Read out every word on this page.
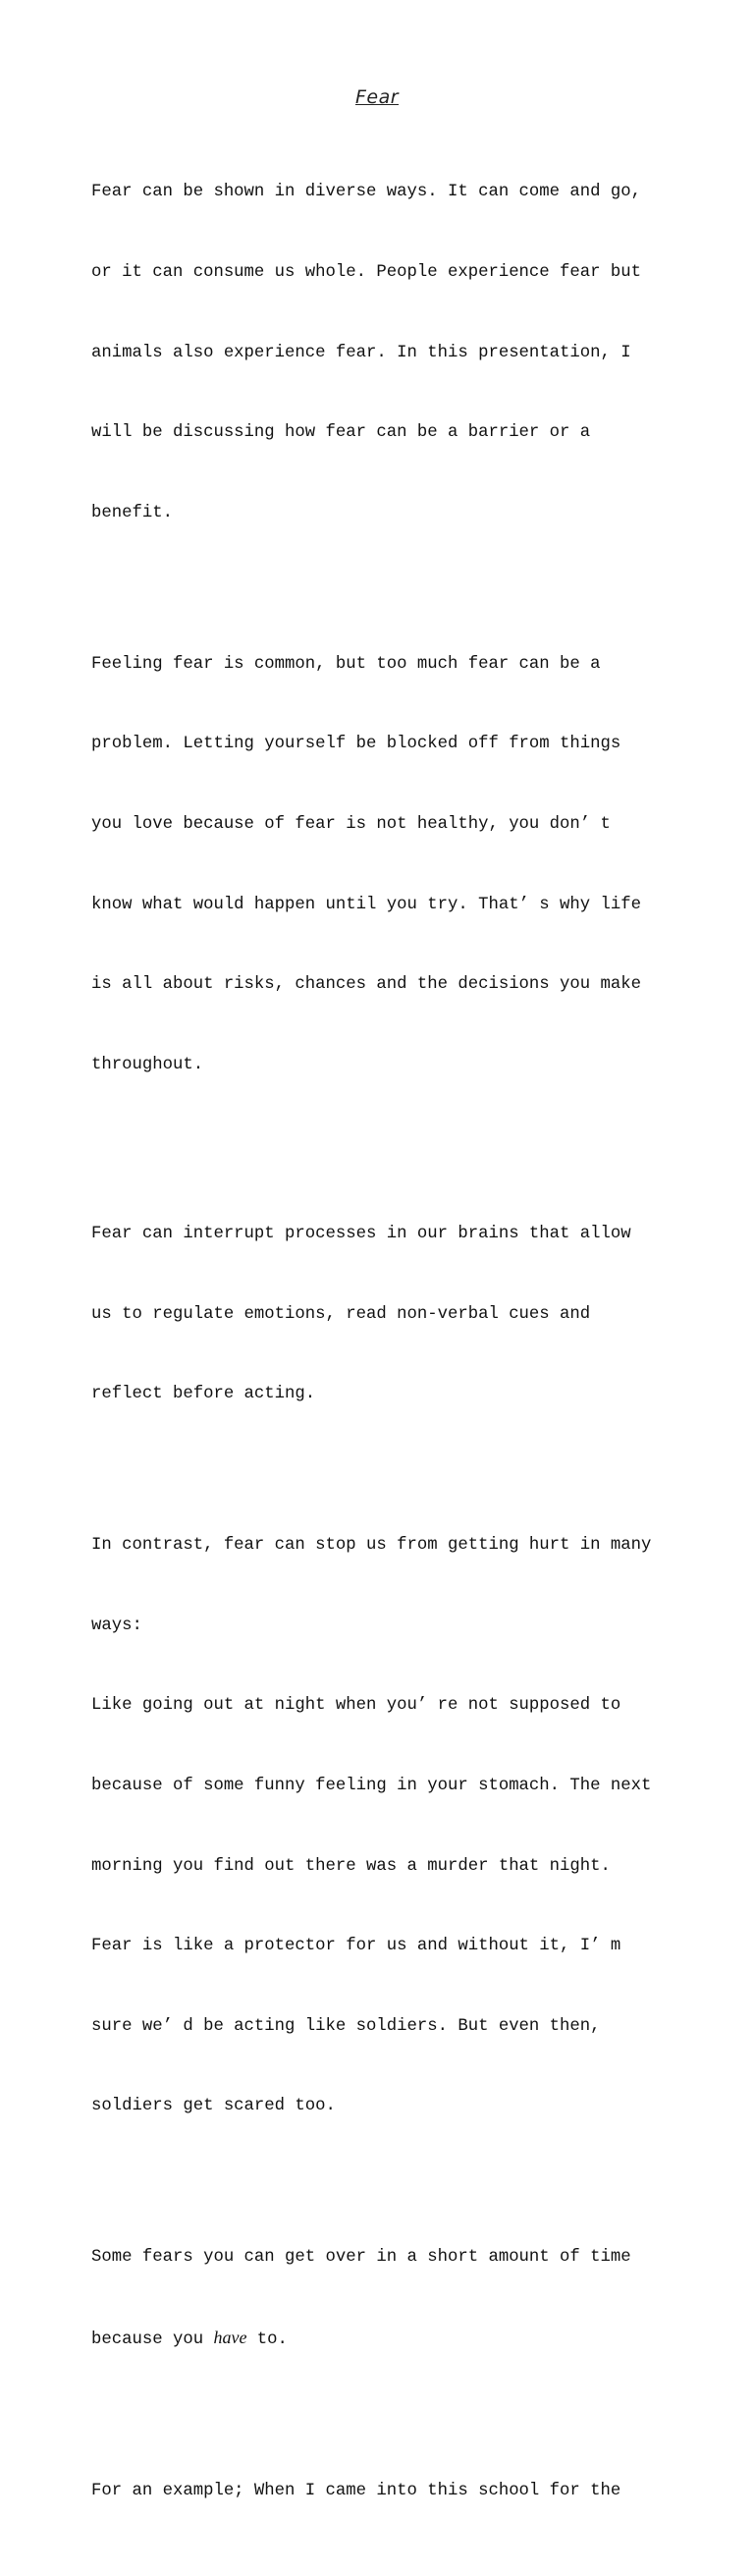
Fear

Fear can be shown in diverse ways. It can come and go,

or it can consume us whole. People experience fear but

animals also experience fear. In this presentation, I

will be discussing how fear can be a barrier or a

benefit.

Feeling fear is common, but too much fear can be a

problem. Letting yourself be blocked off from things

you love because of fear is not healthy, you don’ t

know what would happen until you try. That’ s why life

is all about risks, chances and the decisions you make

throughout.

Fear can interrupt processes in our brains that allow

us to regulate emotions, read non-verbal cues and

reflect before acting.

In contrast, fear can stop us from getting hurt in many

ways:

Like going out at night when you’ re not supposed to

because of some funny feeling in your stomach. The next

morning you find out there was a murder that night.

Fear is like a protector for us and without it, I’ m

sure we’ d be acting like soldiers. But even then,

soldiers get scared too.

Some fears you can get over in a short amount of time

because you have to.

For an example; When I came into this school for the
